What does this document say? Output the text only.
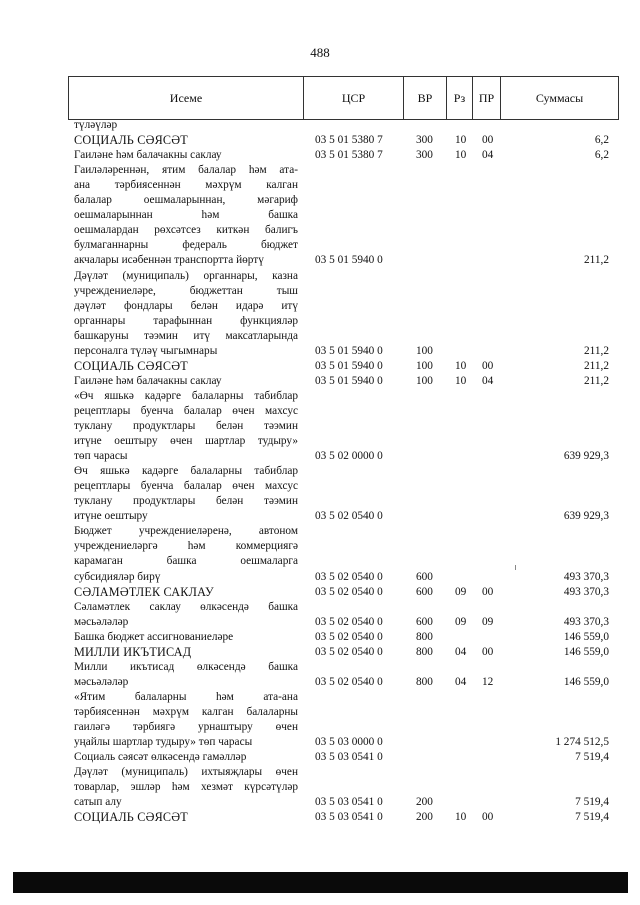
488
Исеме	ЦСР	ВР	Рз	ПР	Суммасы
түләүләр
СОЦИАЛЬ СӘЯСӘТ	03 5 01 5380 7	300 10 00	6,2
Гаиләне һәм балачакны саклау	03 5 01 5380 7	300 10 04	6,2
Гаиләләреннән, ятим балалар һәм ата-
ана тәрбиясеннән мәхрүм калган
балалар оешмаларыннан, мәгариф
оешмаларыннан һәм башка
оешмалардан рөхсәтсез киткән балигъ
булмаганнарны федераль бюджет
акчалары исәбеннән транспортта йөртү	03 5 01 5940 0	211,2
Дәүләт (муниципаль) органнары, казна
учреждениеләре, бюджеттан тыш
дәүләт фондлары белән идарә итү
органнары тарафыннан функцияләр
башкаруны тәэмин итү максатларында
персоналга түләү чыгымнары	03 5 01 5940 0	100	211,2
СОЦИАЛЬ СӘЯСӘТ	03 5 01 5940 0	100 10 00	211,2
Гаиләне һәм балачакны саклау	03 5 01 5940 0	100 10 04	211,2
«Өч яшькә кадәрге балаларны табиблар
рецептлары буенча балалар өчен махсус
туклану продуктлары белән тәэмин
итүне оештыру өчен шартлар тудыру»
төп чарасы	03 5 02 0000 0	639 929,3
Өч яшькә кадәрге балаларны табиблар
рецептлары буенча балалар өчен махсус
туклану продуктлары белән тәэмин
итүне оештыру	03 5 02 0540 0	639 929,3
Бюджет учреждениеләренә, автоном
учреждениеләргә һәм коммерциягә
карамаган башка оешмаларга
субсидияләр бирү	03 5 02 0540 0	600	493 370,3
СӘЛАМӘТЛЕК САКЛАУ	03 5 02 0540 0	600 09 00	493 370,3
Сәламәтлек саклау өлкәсендә башка
мәсьәләләр	03 5 02 0540 0	600 09 09	493 370,3
Башка бюджет ассигнованиеләре	03 5 02 0540 0	800	146 559,0
МИЛЛИ ИКЪТИСАД	03 5 02 0540 0	800 04 00	146 559,0
Милли икътисад өлкәсендә башка
мәсьәләләр	03 5 02 0540 0	800 04 12	146 559,0
«Ятим балаларны һәм ата-ана
тәрбиясеннән мәхрүм калган балаларны
гаиләгә тәрбиягә урнаштыру өчен
уңайлы шартлар тудыру» төп чарасы	03 5 03 0000 0	1 274 512,5
Социаль сәясәт өлкәсендә гамәлләр	03 5 03 0541 0	7 519,4
Дәүләт (муниципаль) ихтыяҗлары өчен
товарлар, эшләр һәм хезмәт күрсәтүләр
сатып алу	03 5 03 0541 0	200	7 519,4
СОЦИАЛЬ СӘЯСӘТ	03 5 03 0541 0	200 10 00	7 519,4
